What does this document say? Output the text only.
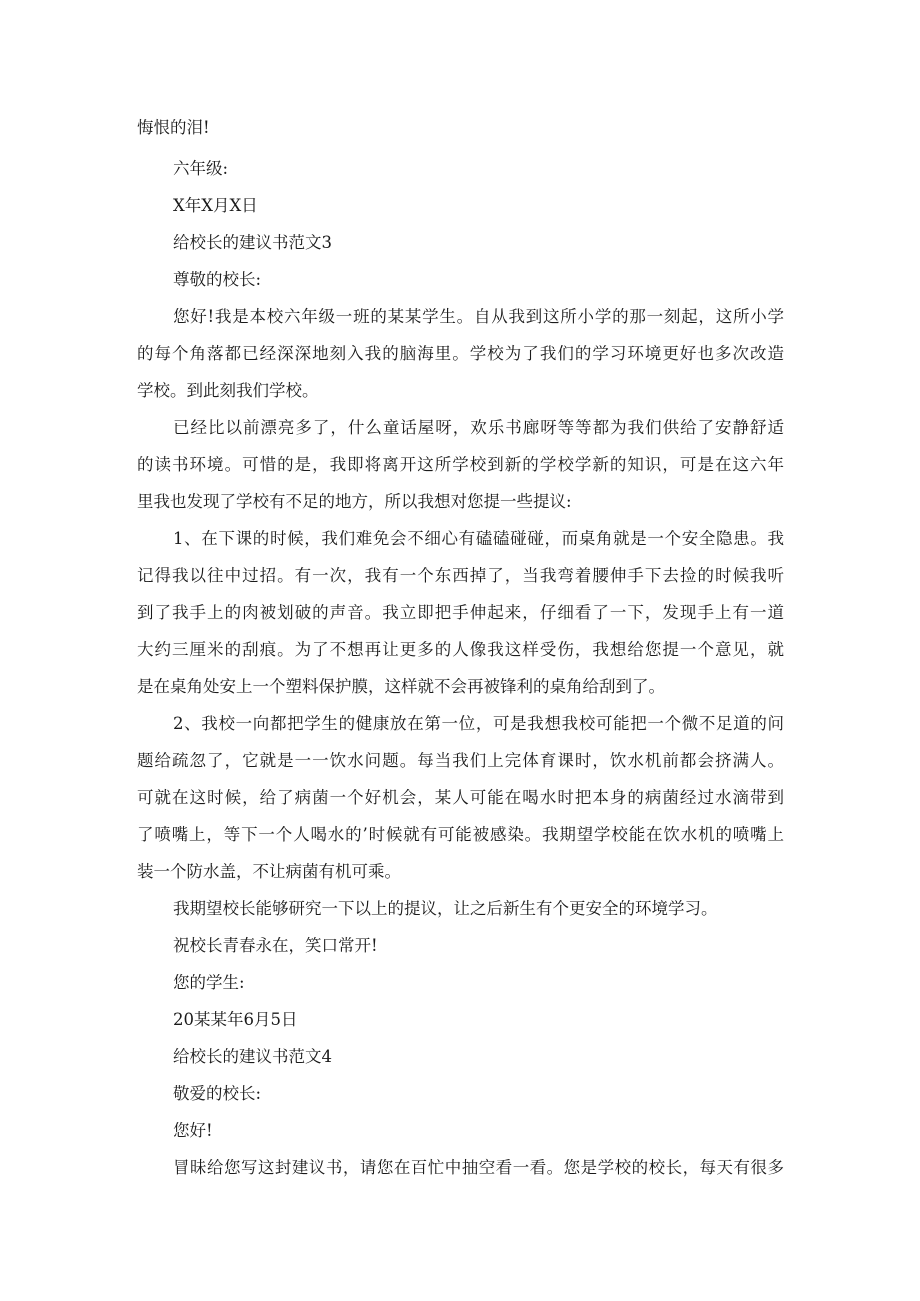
悔恨的泪!
六年级:
X年X月X日
给校长的建议书范文3
尊敬的校长:
您好!我是本校六年级一班的某某学生。自从我到这所小学的那一刻起，这所小学
的每个角落都已经深深地刻入我的脑海里。学校为了我们的学习环境更好也多次改造
学校。到此刻我们学校。
已经比以前漂亮多了，什么童话屋呀，欢乐书廊呀等等都为我们供给了安静舒适
的读书环境。可惜的是，我即将离开这所学校到新的学校学新的知识，可是在这六年
里我也发现了学校有不足的地方，所以我想对您提一些提议:
1、在下课的时候，我们难免会不细心有磕磕碰碰，而桌角就是一个安全隐患。我
记得我以往中过招。有一次，我有一个东西掉了，当我弯着腰伸手下去捡的时候我听
到了我手上的肉被划破的声音。我立即把手伸起来，仔细看了一下，发现手上有一道
大约三厘米的刮痕。为了不想再让更多的人像我这样受伤，我想给您提一个意见，就
是在桌角处安上一个塑料保护膜，这样就不会再被锋利的桌角给刮到了。
2、我校一向都把学生的健康放在第一位，可是我想我校可能把一个微不足道的问
题给疏忽了，它就是一一饮水问题。每当我们上完体育课时，饮水机前都会挤满人。
可就在这时候，给了病菌一个好机会，某人可能在喝水时把本身的病菌经过水滴带到
了喷嘴上，等下一个人喝水的’时候就有可能被感染。我期望学校能在饮水机的喷嘴上
装一个防水盖，不让病菌有机可乘。
我期望校长能够研究一下以上的提议，让之后新生有个更安全的环境学习。
祝校长青春永在，笑口常开!
您的学生:
20某某年6月5日
给校长的建议书范文4
敬爱的校长:
您好!
冒昧给您写这封建议书，请您在百忙中抽空看一看。您是学校的校长，每天有很多
